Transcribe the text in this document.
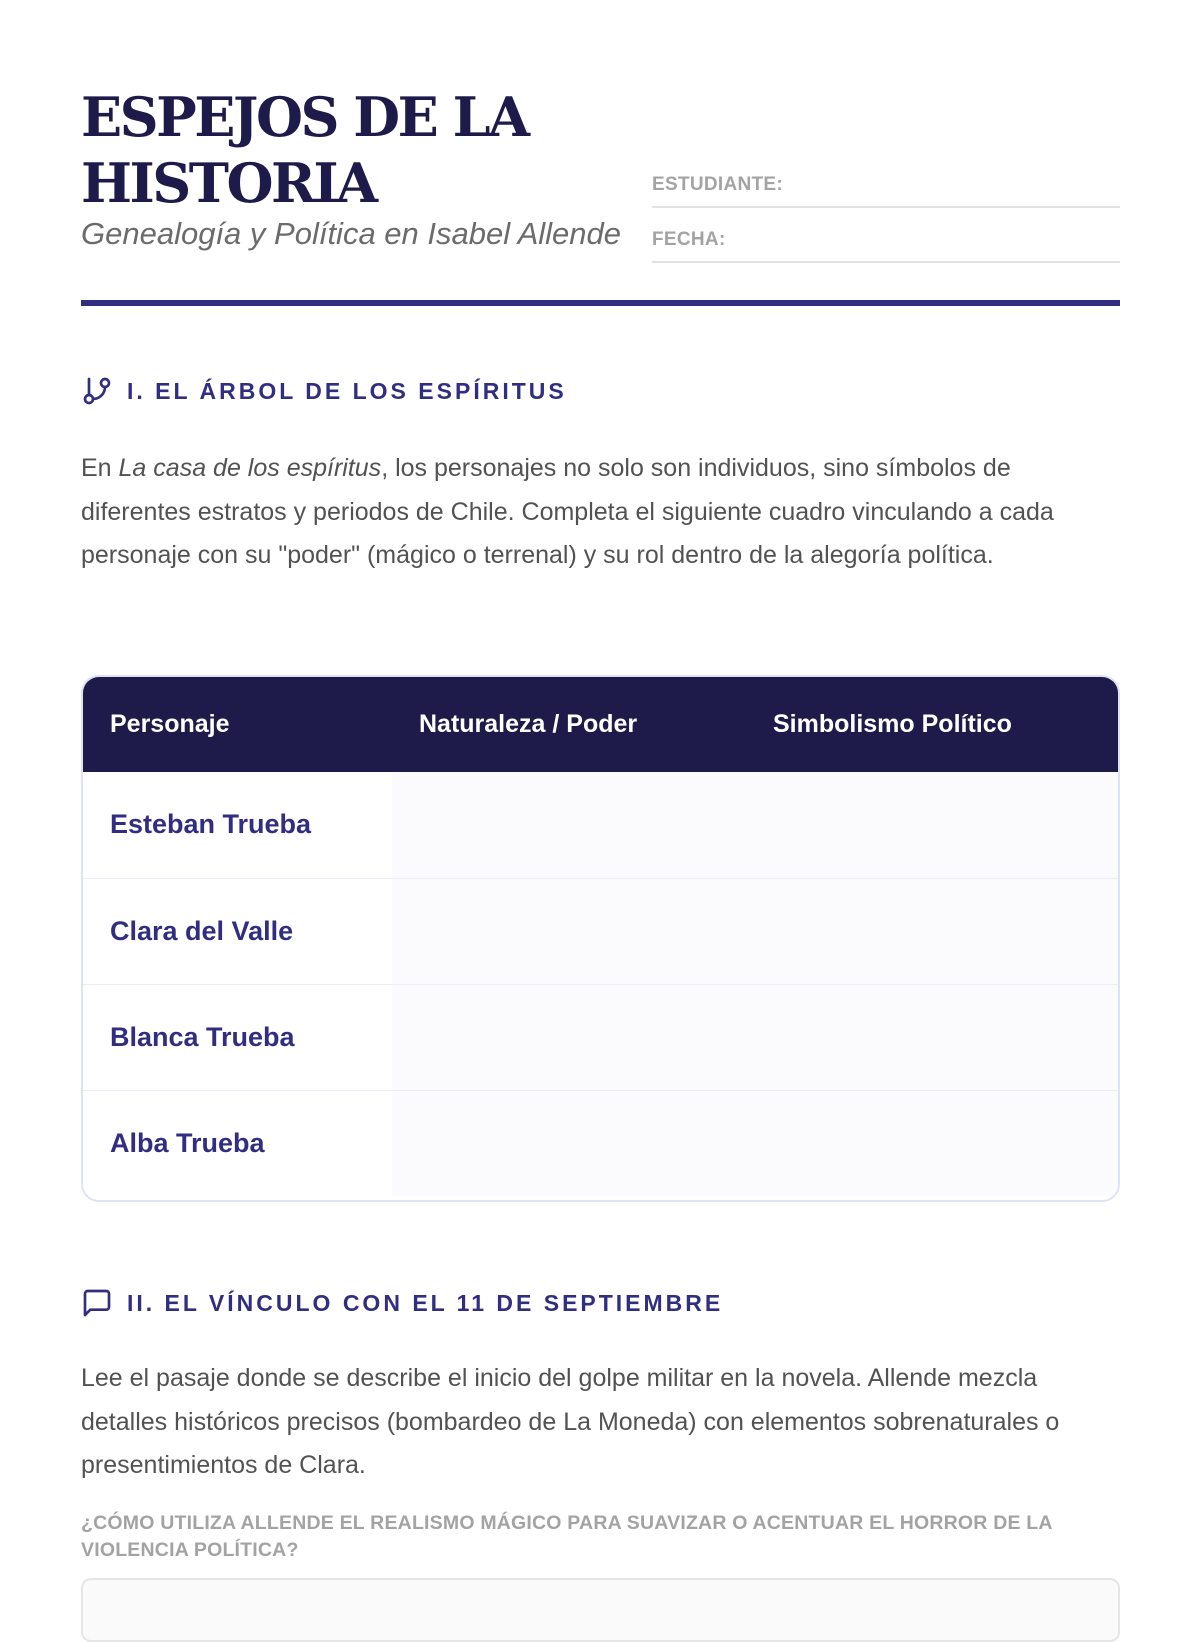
ESPEJOS DE LA
HISTORIA
Genealogía y Política en Isabel Allende
ESTUDIANTE:
FECHA:
I. EL ÁRBOL DE LOS ESPÍRITUS

En La casa de los espíritus, los personajes no solo son individuos, sino símbolos de diferentes estratos y periodos de Chile. Completa el siguiente cuadro vinculando a cada personaje con su "poder" (mágico o terrenal) y su rol dentro de la alegoría política.

Personaje	Naturaleza / Poder	Simbolismo Político
Esteban Trueba		
Clara del Valle		
Blanca Trueba		
Alba Trueba		
II. EL VÍNCULO CON EL 11 DE SEPTIEMBRE

Lee el pasaje donde se describe el inicio del golpe militar en la novela. Allende mezcla detalles históricos precisos (bombardeo de La Moneda) con elementos sobrenaturales o presentimientos de Clara.

¿CÓMO UTILIZA ALLENDE EL REALISMO MÁGICO PARA SUAVIZAR O ACENTUAR EL HORROR DE LA VIOLENCIA POLÍTICA?
